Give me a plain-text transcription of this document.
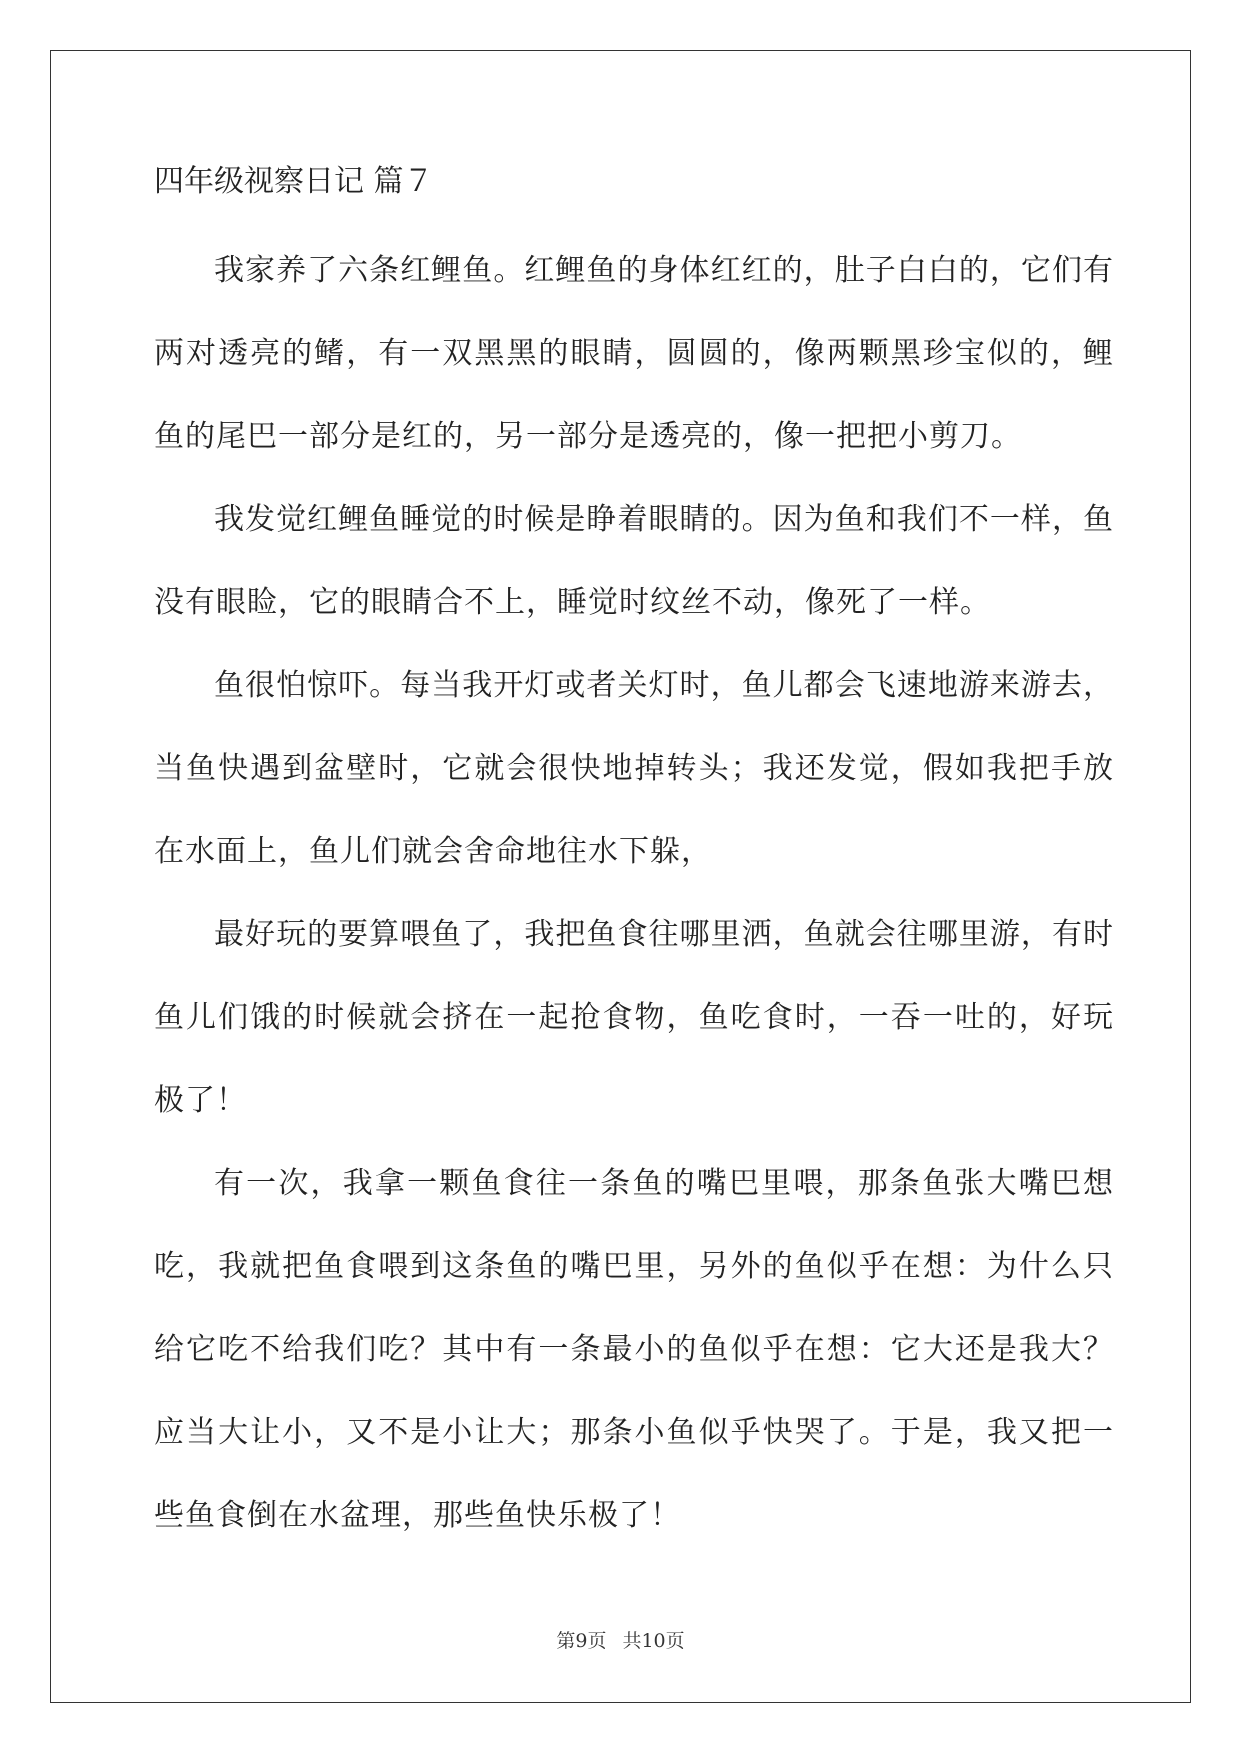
四年级视察日记 篇７

我家养了六条红鲤鱼。红鲤鱼的身体红红的，肚子白白的，它们有两对透亮的鳍，有一双黑黑的眼睛，圆圆的，像两颗黑珍宝似的，鲤鱼的尾巴一部分是红的，另一部分是透亮的，像一把把小剪刀。

我发觉红鲤鱼睡觉的时候是睁着眼睛的。因为鱼和我们不一样，鱼没有眼睑，它的眼睛合不上，睡觉时纹丝不动，像死了一样。

鱼很怕惊吓。每当我开灯或者关灯时，鱼儿都会飞速地游来游去，当鱼快遇到盆壁时，它就会很快地掉转头；我还发觉，假如我把手放在水面上，鱼儿们就会舍命地往水下躲，

最好玩的要算喂鱼了，我把鱼食往哪里洒，鱼就会往哪里游，有时鱼儿们饿的时候就会挤在一起抢食物，鱼吃食时，一吞一吐的，好玩极了！

有一次，我拿一颗鱼食往一条鱼的嘴巴里喂，那条鱼张大嘴巴想吃，我就把鱼食喂到这条鱼的嘴巴里，另外的鱼似乎在想：为什么只给它吃不给我们吃？其中有一条最小的鱼似乎在想：它大还是我大？应当大让小，又不是小让大；那条小鱼似乎快哭了。于是，我又把一些鱼食倒在水盆理，那些鱼快乐极了！

第9页 共10页
